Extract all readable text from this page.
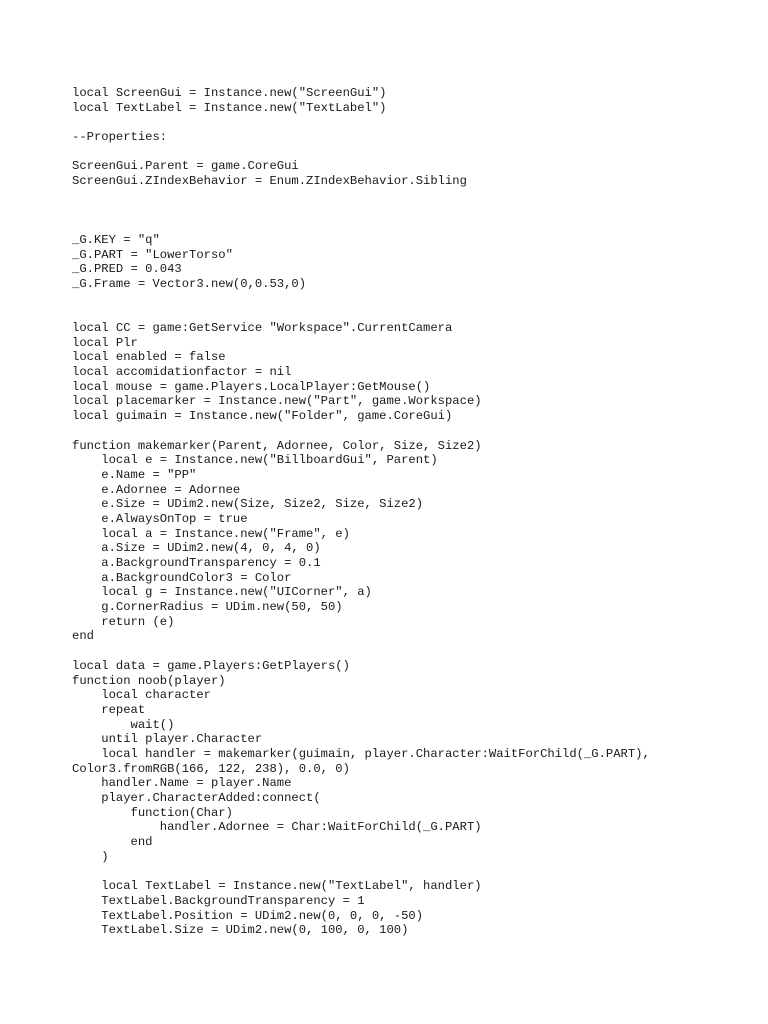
local ScreenGui = Instance.new("ScreenGui")
local TextLabel = Instance.new("TextLabel")
--Properties:
ScreenGui.Parent = game.CoreGui
ScreenGui.ZIndexBehavior = Enum.ZIndexBehavior.Sibling
_G.KEY = "q"
_G.PART = "LowerTorso"
_G.PRED = 0.043
_G.Frame = Vector3.new(0,0.53,0)
local CC = game:GetService "Workspace".CurrentCamera
local Plr
local enabled = false
local accomidationfactor = nil
local mouse = game.Players.LocalPlayer:GetMouse()
local placemarker = Instance.new("Part", game.Workspace)
local guimain = Instance.new("Folder", game.CoreGui)
function makemarker(Parent, Adornee, Color, Size, Size2)
local e = Instance.new("BillboardGui", Parent)
e.Name = "PP"
e.Adornee = Adornee
e.Size = UDim2.new(Size, Size2, Size, Size2)
e.AlwaysOnTop = true
local a = Instance.new("Frame", e)
a.Size = UDim2.new(4, 0, 4, 0)
a.BackgroundTransparency = 0.1
a.BackgroundColor3 = Color
local g = Instance.new("UICorner", a)
g.CornerRadius = UDim.new(50, 50)
return (e)
end
local data = game.Players:GetPlayers()
function noob(player)
local character
repeat
wait()
until player.Character
local handler = makemarker(guimain, player.Character:WaitForChild(_G.PART),
Color3.fromRGB(166, 122, 238), 0.0, 0)
handler.Name = player.Name
player.CharacterAdded:connect(
function(Char)
handler.Adornee = Char:WaitForChild(_G.PART)
end
)
local TextLabel = Instance.new("TextLabel", handler)
TextLabel.BackgroundTransparency = 1
TextLabel.Position = UDim2.new(0, 0, 0, -50)
TextLabel.Size = UDim2.new(0, 100, 0, 100)
